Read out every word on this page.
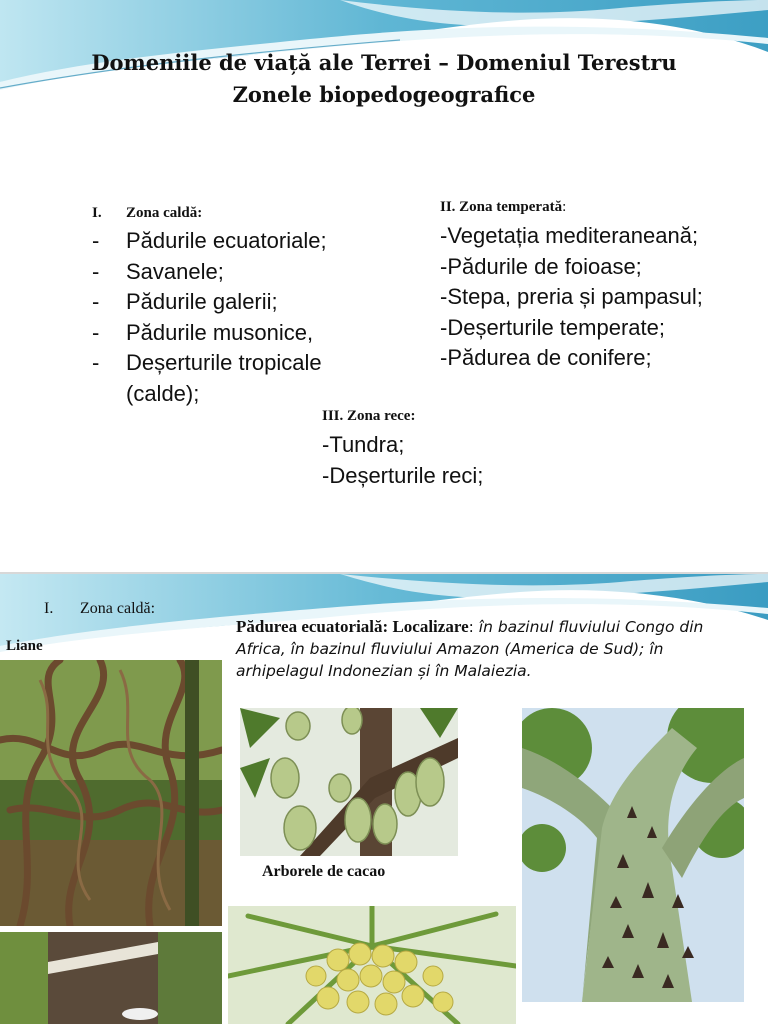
Domeniile de viață ale Terrei – Domeniul Terestru
Zonele biopedogeografice
I. Zona caldă:
- Pădurile ecuatoriale;
- Savanele;
- Pădurile galerii;
- Pădurile musonice,
- Deșerturile tropicale (calde);
II. Zona temperată:
-Vegetația mediteraneană;
-Pădurile de foioase;
-Stepa, preria și pampasul;
-Deșerturile temperate;
-Pădurea de conifere;
III. Zona rece:
-Tundra;
-Deșerturile reci;
I. Zona caldă:
Liane
Pădurea ecuatorială: Localizare: în bazinul fluviului Congo din Africa, în bazinul fluviului Amazon (America de Sud); în arhipelagul Indonezian și în Malaiezia.
Arborele de cacao
